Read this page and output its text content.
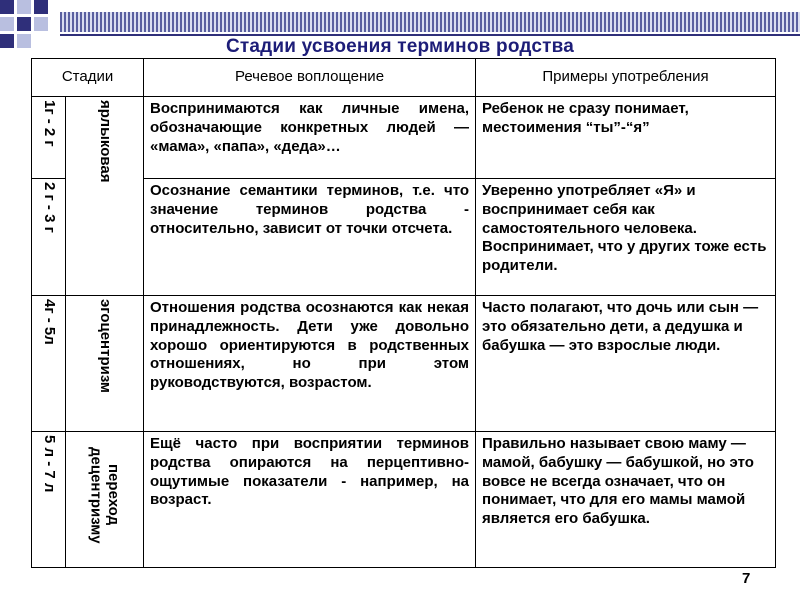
Стадии усвоения терминов родства
Стадии		Речевое воплощение	Примеры употребления

1г - 2 г	ярлыковая	Воспринимаются как личные имена, обозначающие конкретных людей — «мама», «папа», «деда»…	Ребенок не сразу понимает, местоимения “ты”-“я”

2 г - 3 г		Осознание семантики терминов, т.е. что значение терминов родства - относительно, зависит от точки отсчета.	Уверенно употребляет «Я» и воспринимает себя как самостоятельного человека. Воспринимает, что у других тоже есть родители.

4г - 5л	эгоцентризм	Отношения родства осознаются как некая принадлежность. Дети уже довольно хорошо ориентируются в родственных отношениях, но при этом руководствуются, возрастом.	Часто полагают, что дочь или сын — это обязательно дети, а дедушка и бабушка — это взрослые люди.

5 л - 7 л	переход децентризму	Ещё часто при восприятии терминов родства опираются на перцептивно-ощутимые показатели - например, на возраст.	Правильно называет свою маму — мамой, бабушку — бабушкой, но это вовсе не всегда означает, что он понимает, что для его мамы мамой является его бабушка.
7
